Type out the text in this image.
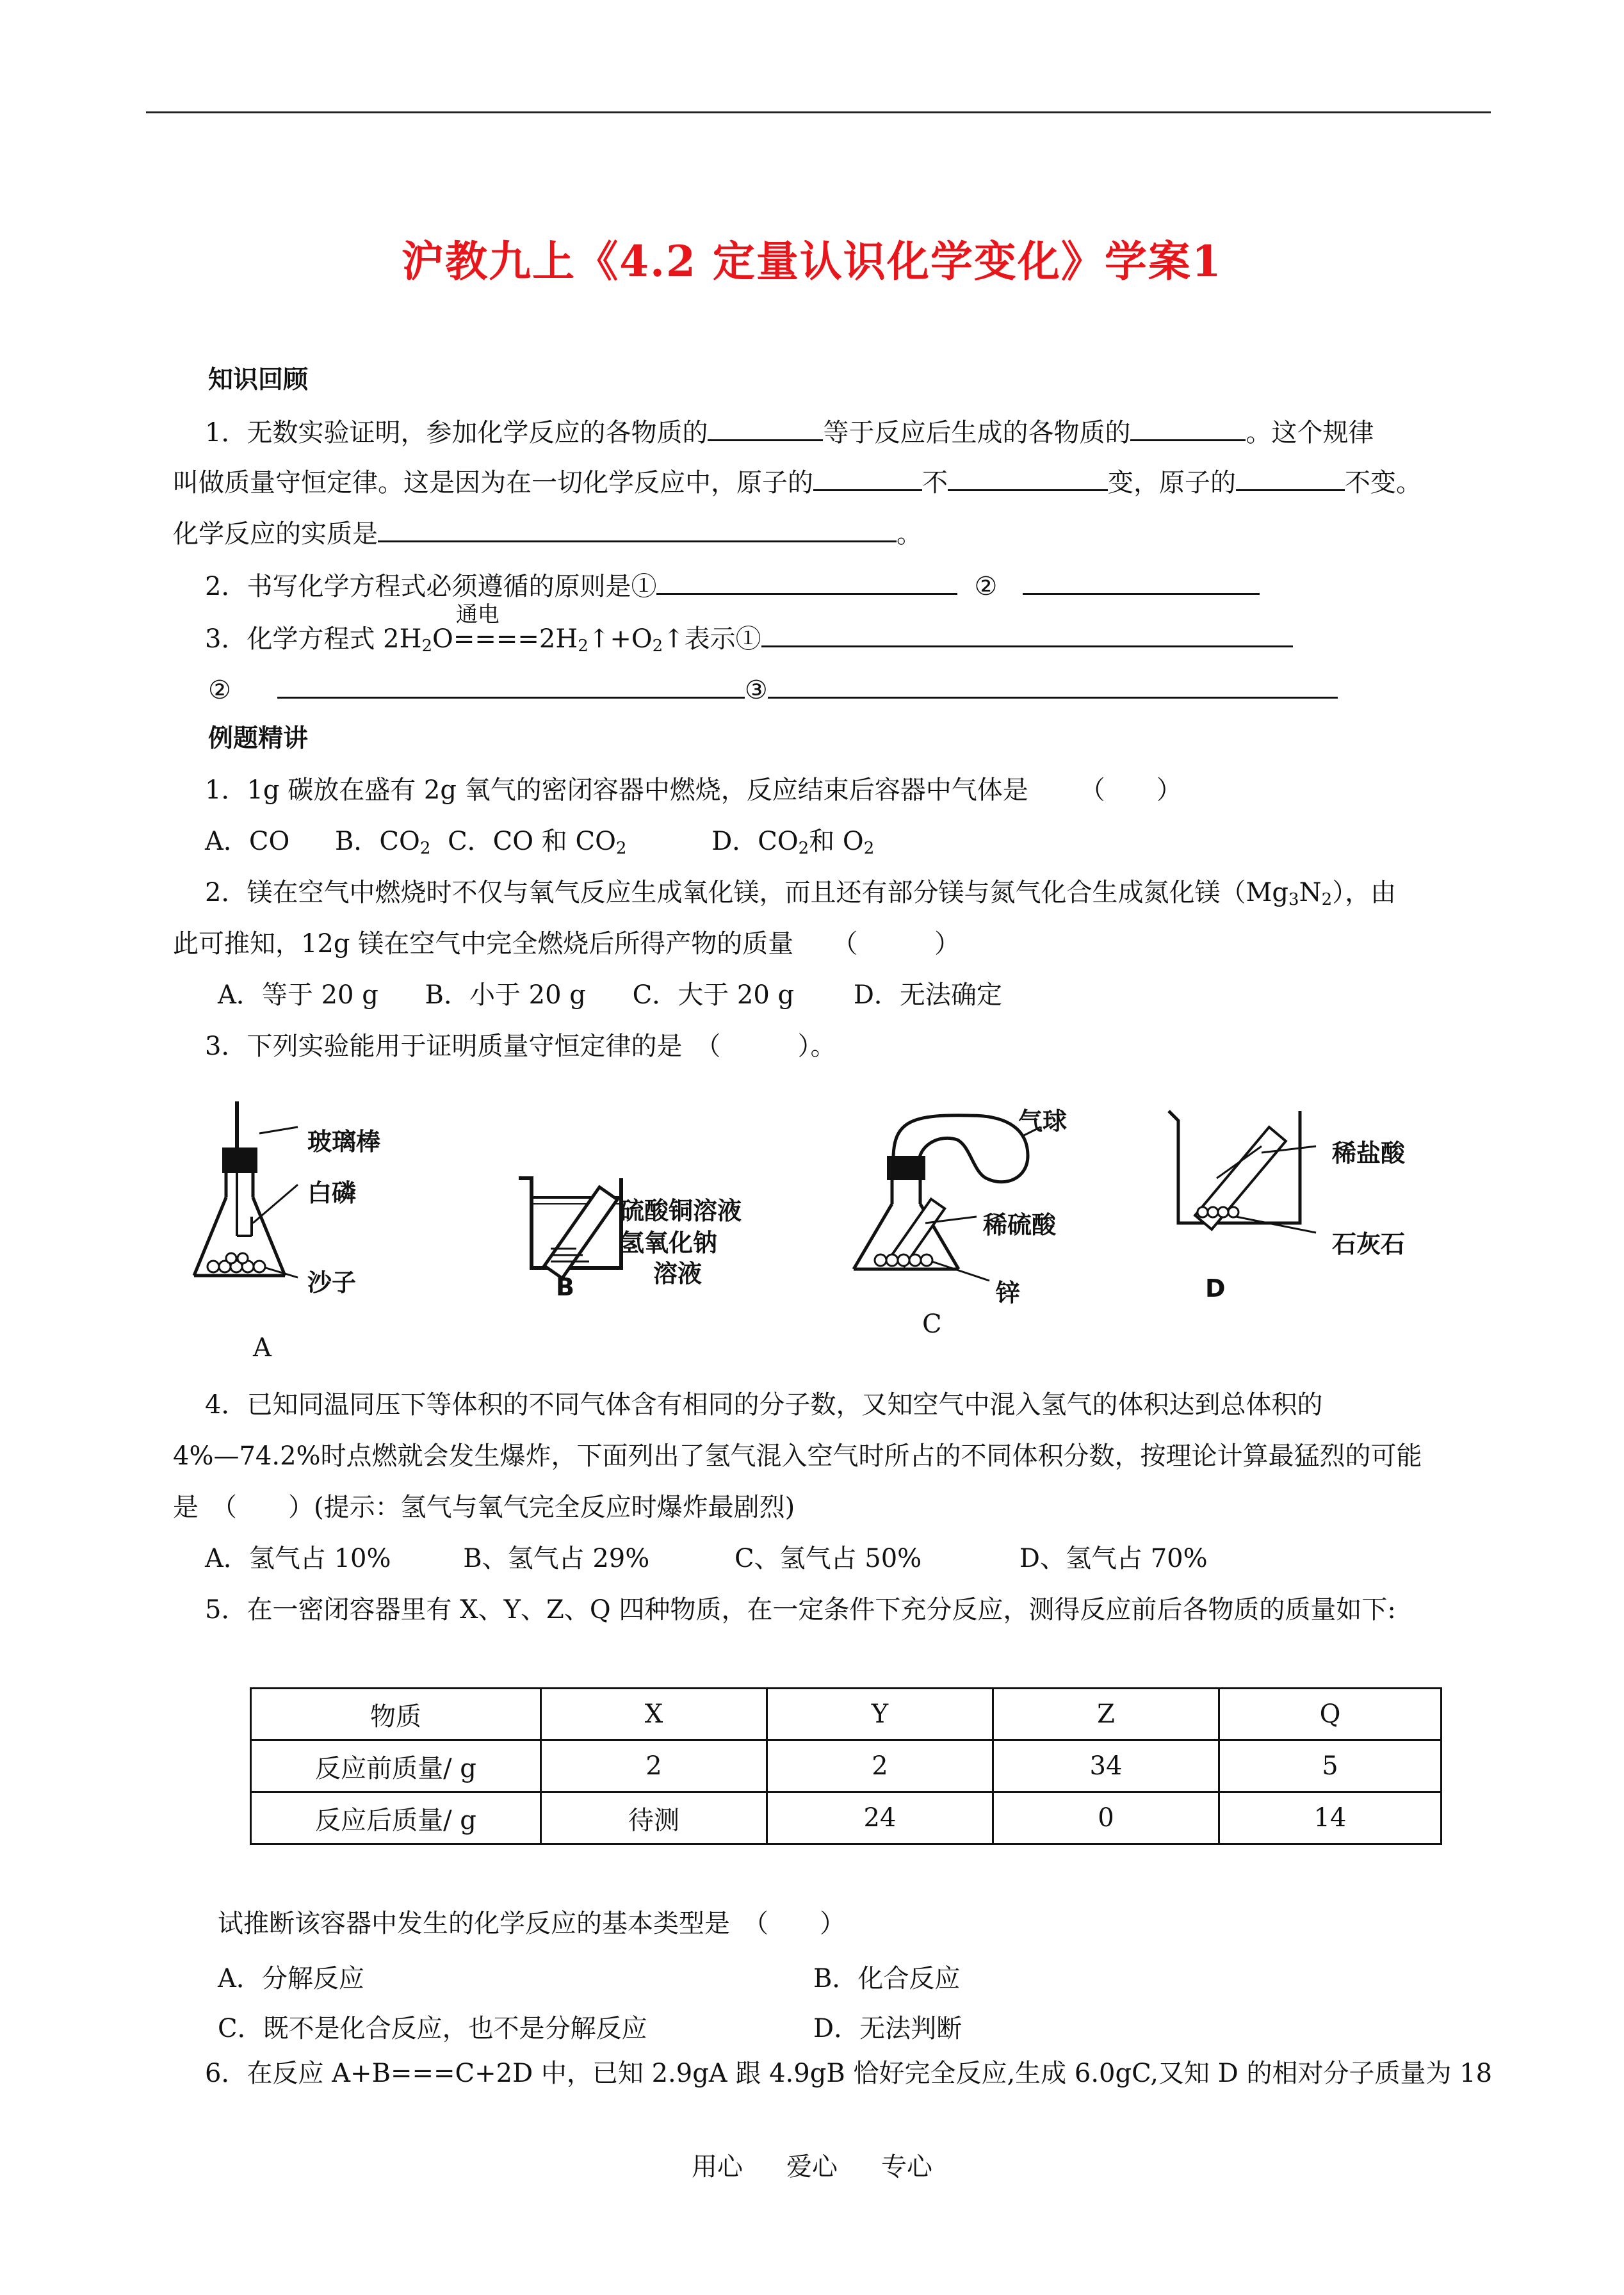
沪教九上《4.2 定量认识化学变化》学案1
知识回顾
1．无数实验证明，参加化学反应的各物质的	等于反应后生成的各物质的	。这个规律
叫做质量守恒定律。这是因为在一切化学反应中，原子的	不	变，原子的	不变。
化学反应的实质是	。
2．书写化学方程式必须遵循的原则是①	②
3．化学方程式 $2H_2O$
通电
$====2H_2↑+O_2↑$表示①
②	③
例题精讲
1．1g 碳放在盛有 2g 氧气的密闭容器中燃烧，反应结束后容器中气体是 （　　）
A．CO B．$CO_2$ C．CO 和 $CO_2$	D．$CO_2$和 $O_2$
2．镁在空气中燃烧时不仅与氧气反应生成氧化镁，而且还有部分镁与氮气化合生成氮化镁$(Mg_3N_2)$，由
此可推知，12g 镁在空气中完全燃烧后所得产物的质量　　（　　　）
A．等于 20 g B．小于 20 g C．大于 20 g D．无法确定
3．下列实验能用于证明质量守恒定律的是　（　　　）。
玻璃棒
白磷
沙子
A
硫酸铜溶液
氢氧化钠
溶液
B
气球
稀硫酸
锌
C
稀盐酸
石灰石
D
4．已知同温同压下等体积的不同气体含有相同的分子数，又知空气中混入氢气的体积达到总体积的
4%—74.2%时点燃就会发生爆炸，下面列出了氢气混入空气时所占的不同体积分数，按理论计算最猛烈的可能
是　（　　）(提示：氢气与氧气完全反应时爆炸最剧烈)
A．氢气占 10%	B、氢气占 29%	C、氢气占 50%	D、氢气占 70%
5．在一密闭容器里有 X、Y、Z、Q 四种物质，在一定条件下充分反应，测得反应前后各物质的质量如下:
物质	X	Y	Z	Q
反应前质量/ g	2	2	34	5
反应后质量/ g	待测	24	0	14
试推断该容器中发生的化学反应的基本类型是　（　　）
A．分解反应	B．化合反应
C．既不是化合反应，也不是分解反应	D．无法判断
6．在反应 A+B===C+2D 中，已知 2.9gA 跟 4.9gB 恰好完全反应,生成 6.0gC,又知 D 的相对分子质量为 18
用心 爱心 专心
